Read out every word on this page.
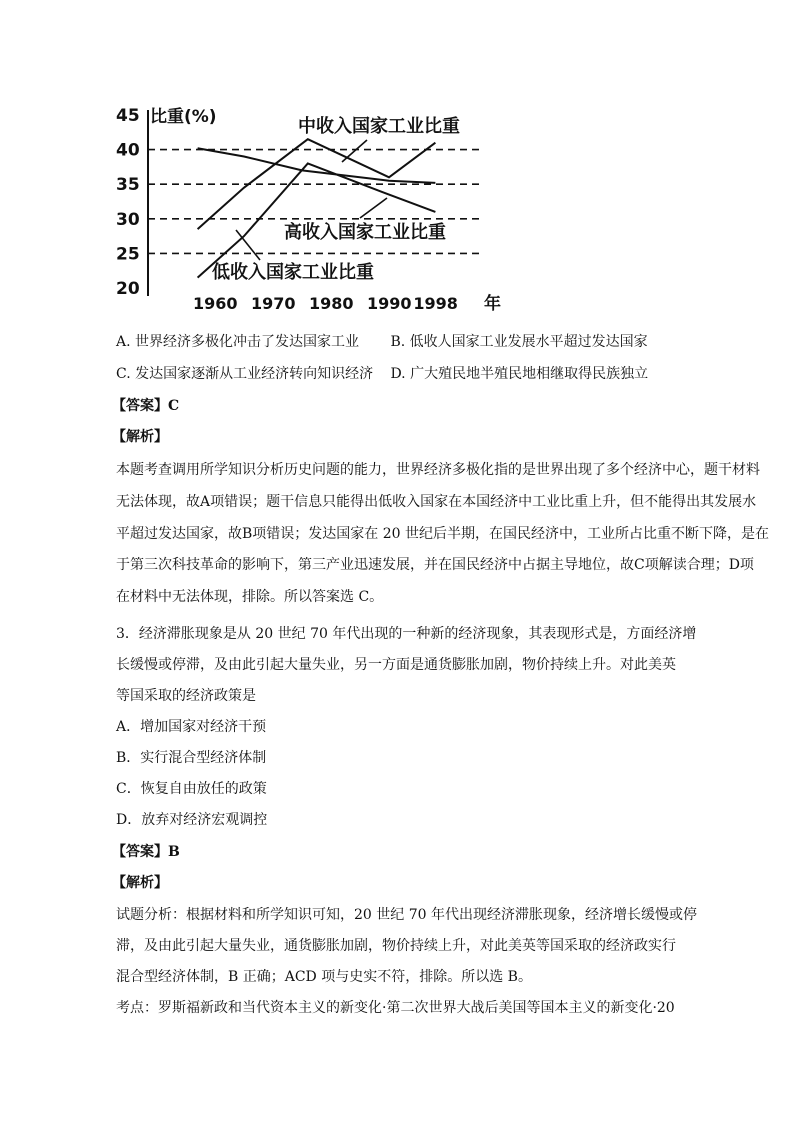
20
25
30
35
40
45 比重(%)
1960 1970 1980 1990 1998 年
中收入国家工业比重
高收入国家工业比重
低收入国家工业比重
A. 世界经济多极化冲击了发达国家工业 B. 低收人国家工业发展水平超过发达国家
C. 发达国家逐渐从工业经济转向知识经济 D. 广大殖民地半殖民地相继取得民族独立
【答案】C
【解析】
本题考查调用所学知识分析历史问题的能力，世界经济多极化指的是世界出现了多个经济中心，题干材料
无法体现，故A项错误；题干信息只能得出低收入国家在本国经济中工业比重上升，但不能得出其发展水
平超过发达国家，故B项错误；发达国家在 20 世纪后半期，在国民经济中，工业所占比重不断下降，是在
于第三次科技革命的影响下，第三产业迅速发展，并在国民经济中占据主导地位，故C项解读合理；D项
在材料中无法体现，排除。所以答案选 C。
3．经济滞胀现象是从 20 世纪 70 年代出现的一种新的经济现象，其表现形式是，方面经济增
长缓慢或停滞，及由此引起大量失业，另一方面是通货膨胀加剧，物价持续上升。对此美英
等国采取的经济政策是
A．增加国家对经济干预
B．实行混合型经济体制
C．恢复自由放任的政策
D．放弃对经济宏观调控
【答案】B
【解析】
试题分析：根据材料和所学知识可知，20 世纪 70 年代出现经济滞胀现象，经济增长缓慢或停
滞，及由此引起大量失业，通货膨胀加剧，物价持续上升，对此美英等国采取的经济政实行
混合型经济体制，B 正确；ACD 项与史实不符，排除。所以选 B。
考点：罗斯福新政和当代资本主义的新变化·第二次世界大战后美国等国本主义的新变化·20
